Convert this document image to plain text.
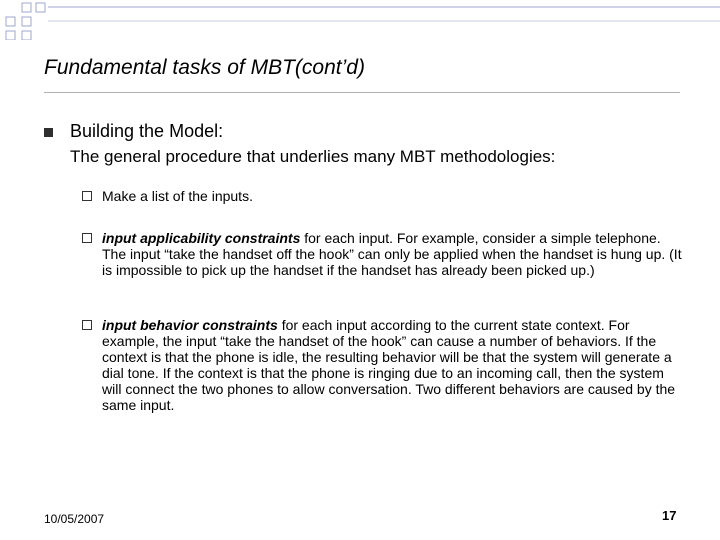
Fundamental tasks of MBT(cont’d)
Building the Model:
The general procedure that underlies many MBT methodologies:
Make a list of the inputs.
input applicability constraints for each input. For example, consider a simple telephone. The input “take the handset off the hook” can only be applied when the handset is hung up. (It is impossible to pick up the handset if the handset has already been picked up.)
input behavior constraints for each input according to the current state context. For example, the input “take the handset of the hook” can cause a number of behaviors. If the context is that the phone is idle, the resulting behavior will be that the system will generate a dial tone. If the context is that the phone is ringing due to an incoming call, then the system will connect the two phones to allow conversation. Two different behaviors are caused by the same input.
10/05/2007	17
